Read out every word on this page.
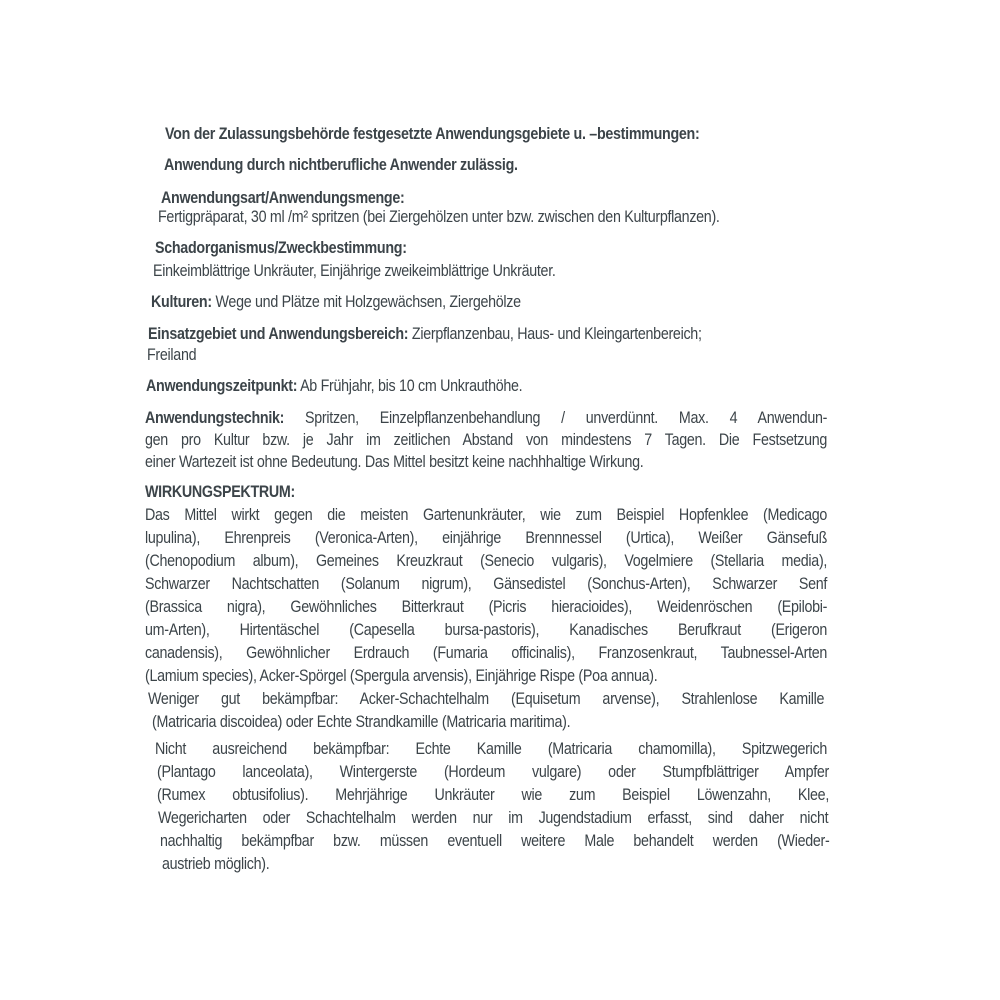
Von der Zulassungsbehörde festgesetzte Anwendungsgebiete u. –bestimmungen:
Anwendung durch nichtberufliche Anwender zulässig.
Anwendungsart/Anwendungsmenge:
Fertigpräparat, 30 ml /m² spritzen (bei Ziergehölzen unter bzw. zwischen den Kulturpflanzen).
Schadorganismus/Zweckbestimmung:
Einkeimblättrige Unkräuter, Einjährige zweikeimblättrige Unkräuter.
Kulturen: Wege und Plätze mit Holzgewächsen, Ziergehölze
Einsatzgebiet und Anwendungsbereich: Zierpflanzenbau, Haus- und Kleingartenbereich;
Freiland
Anwendungszeitpunkt: Ab Frühjahr, bis 10 cm Unkrauthöhe.
Anwendungstechnik: Spritzen, Einzelpflanzenbehandlung / unverdünnt. Max. 4 Anwendun-
gen pro Kultur bzw. je Jahr im zeitlichen Abstand von mindestens 7 Tagen. Die Festsetzung
einer Wartezeit ist ohne Bedeutung. Das Mittel besitzt keine nachhhaltige Wirkung.
WIRKUNGSPEKTRUM:
Das Mittel wirkt gegen die meisten Gartenunkräuter, wie zum Beispiel Hopfenklee (Medicago
lupulina), Ehrenpreis (Veronica-Arten), einjährige Brennnessel (Urtica), Weißer Gänsefuß
(Chenopodium album), Gemeines Kreuzkraut (Senecio vulgaris), Vogelmiere (Stellaria media),
Schwarzer Nachtschatten (Solanum nigrum), Gänsedistel (Sonchus-Arten), Schwarzer Senf
(Brassica nigra), Gewöhnliches Bitterkraut (Picris hieracioides), Weidenröschen (Epilobi-
um-Arten), Hirtentäschel (Capesella bursa-pastoris), Kanadisches Berufkraut (Erigeron
canadensis), Gewöhnlicher Erdrauch (Fumaria officinalis), Franzosenkraut, Taubnessel-Arten
(Lamium species), Acker-Spörgel (Spergula arvensis), Einjährige Rispe (Poa annua).
Weniger gut bekämpfbar: Acker-Schachtelhalm (Equisetum arvense), Strahlenlose Kamille
(Matricaria discoidea) oder Echte Strandkamille (Matricaria maritima).
Nicht ausreichend bekämpfbar: Echte Kamille (Matricaria chamomilla), Spitzwegerich
(Plantago lanceolata), Wintergerste (Hordeum vulgare) oder Stumpfblättriger Ampfer
(Rumex obtusifolius). Mehrjährige Unkräuter wie zum Beispiel Löwenzahn, Klee,
Wegericharten oder Schachtelhalm werden nur im Jugendstadium erfasst, sind daher nicht
nachhaltig bekämpfbar bzw. müssen eventuell weitere Male behandelt werden (Wieder-
austrieb möglich).
